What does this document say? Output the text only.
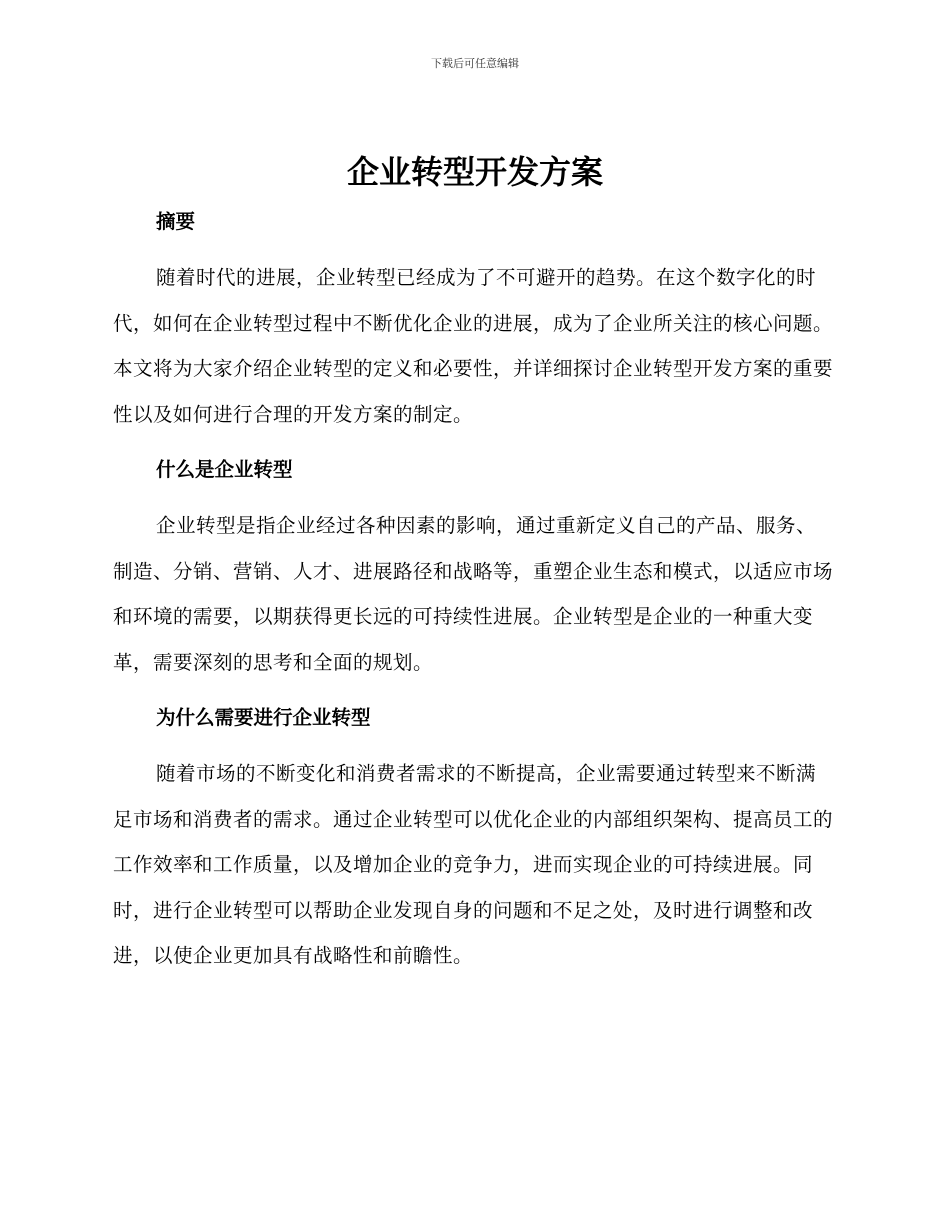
下载后可任意编辑
企业转型开发方案
摘要

随着时代的进展，企业转型已经成为了不可避开的趋势。在这个数字化的时代，如何在企业转型过程中不断优化企业的进展，成为了企业所关注的核心问题。本文将为大家介绍企业转型的定义和必要性，并详细探讨企业转型开发方案的重要性以及如何进行合理的开发方案的制定。

什么是企业转型

企业转型是指企业经过各种因素的影响，通过重新定义自己的产品、服务、制造、分销、营销、人才、进展路径和战略等，重塑企业生态和模式，以适应市场和环境的需要，以期获得更长远的可持续性进展。企业转型是企业的一种重大变革，需要深刻的思考和全面的规划。

为什么需要进行企业转型

随着市场的不断变化和消费者需求的不断提高，企业需要通过转型来不断满足市场和消费者的需求。通过企业转型可以优化企业的内部组织架构、提高员工的工作效率和工作质量，以及增加企业的竞争力，进而实现企业的可持续进展。同时，进行企业转型可以帮助企业发现自身的问题和不足之处，及时进行调整和改进，以使企业更加具有战略性和前瞻性。
